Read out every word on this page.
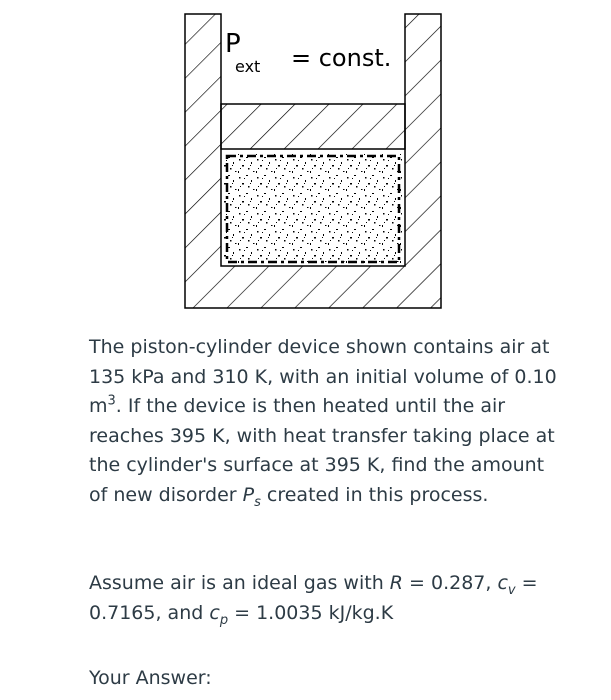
P
ext = const.

The piston-cylinder device shown contains air at 135 kPa and 310 K, with an initial volume of 0.10 $m^3$. If the device is then heated until the air reaches 395 K, with heat transfer taking place at the cylinder's surface at 395 K, find the amount of new disorder $P_s$ created in this process.

Assume air is an ideal gas with R = 0.287, $c_v = 0.7165$, and $c_p = 1.0035$ kJ/kg.K

Your Answer:
